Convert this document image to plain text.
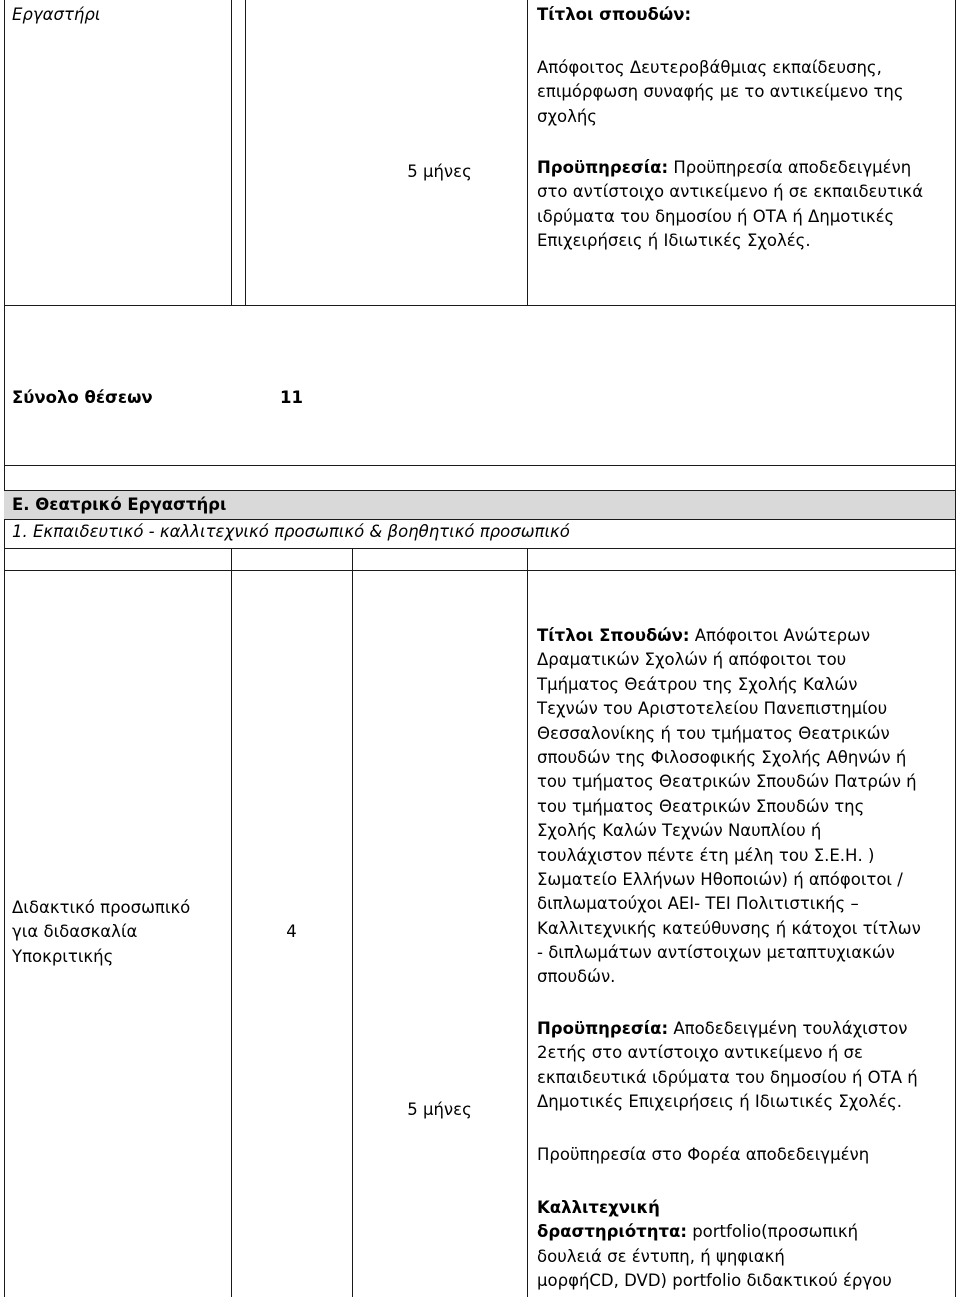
Εργαστήρι
5 μήνες
Τίτλοι σπουδών:
Απόφοιτος Δευτεροβάθμιας εκπαίδευσης,
επιμόρφωση συναφής με το αντικείμενο της
σχολής
Προϋπηρεσία: Προϋπηρεσία αποδεδειγμένη
στο αντίστοιχο αντικείμενο ή σε εκπαιδευτικά
ιδρύματα του δημοσίου ή ΟΤΑ ή Δημοτικές
Επιχειρήσεις ή Ιδιωτικές Σχολές.
Σύνολο θέσεων	11
Ε. Θεατρικό Εργαστήρι
1. Εκπαιδευτικό - καλλιτεχνικό προσωπικό & βοηθητικό προσωπικό
Διδακτικό προσωπικό
για διδασκαλία
Υποκριτικής
4
5 μήνες
Τίτλοι Σπουδών: Απόφοιτοι Ανώτερων
Δραματικών Σχολών ή απόφοιτοι του
Τμήματος Θεάτρου της Σχολής Καλών
Τεχνών του Αριστοτελείου Πανεπιστημίου
Θεσσαλονίκης ή του τμήματος Θεατρικών
σπουδών της Φιλοσοφικής Σχολής Αθηνών ή
του τμήματος Θεατρικών Σπουδών Πατρών ή
του τμήματος Θεατρικών Σπουδών της
Σχολής Καλών Τεχνών Ναυπλίου ή
τουλάχιστον πέντε έτη μέλη του Σ.Ε.Η. )
Σωματείο Ελλήνων Ηθοποιών) ή απόφοιτοι /
διπλωματούχοι ΑΕΙ- ΤΕΙ Πολιτιστικής –
Καλλιτεχνικής κατεύθυνσης ή κάτοχοι τίτλων
- διπλωμάτων αντίστοιχων μεταπτυχιακών
σπουδών.
Προϋπηρεσία: Αποδεδειγμένη τουλάχιστον
2ετής στο αντίστοιχο αντικείμενο ή σε
εκπαιδευτικά ιδρύματα του δημοσίου ή ΟΤΑ ή
Δημοτικές Επιχειρήσεις ή Ιδιωτικές Σχολές.
Προϋπηρεσία στο Φορέα αποδεδειγμένη
Καλλιτεχνική
δραστηριότητα: portfolio(προσωπική
δουλειά σε έντυπη, ή ψηφιακή
μορφήCD, DVD) portfolio διδακτικού έργου
